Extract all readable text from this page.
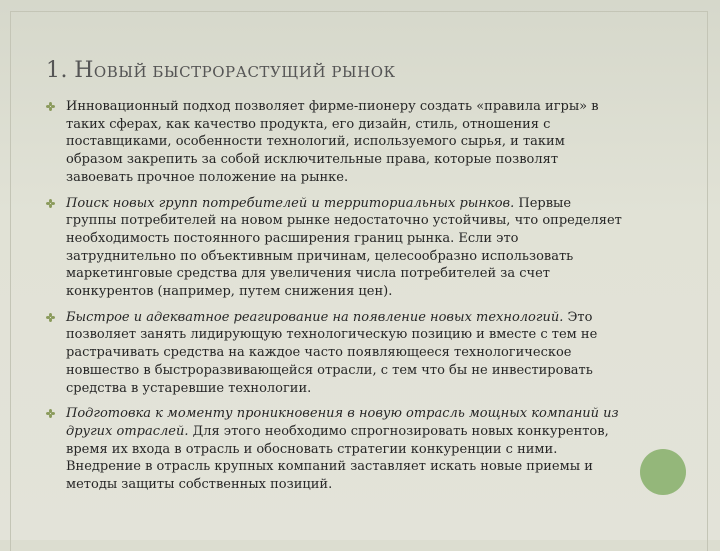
1. НОВЫЙ БЫСТРОРАСТУЩИЙ РЫНОК

Инновационный подход позволяет фирме-пионеру создать «правила игры» в
таких сферах, как качество продукта, его дизайн, стиль, отношения с
поставщиками, особенности технологий, используемого сырья, и таким
образом закрепить за собой исключительные права, которые позволят
завоевать прочное положение на рынке.

Поиск новых групп потребителей и территориальных рынков. Первые
группы потребителей на новом рынке недостаточно устойчивы, что определяет
необходимость постоянного расширения границ рынка. Если это
затруднительно по объективным причинам, целесообразно использовать
маркетинговые средства для увеличения числа потребителей за счет
конкурентов (например, путем снижения цен).

Быстрое и адекватное реагирование на появление новых технологий. Это
позволяет занять лидирующую технологическую позицию и вместе с тем не
растрачивать средства на каждое часто появляющееся технологическое
новшество в быстроразвивающейся отрасли, с тем что бы не инвестировать
средства в устаревшие технологии.

Подготовка к моменту проникновения в новую отрасль мощных компаний из
других отраслей. Для этого необходимо спрогнозировать новых конкурентов,
время их входа в отрасль и обосновать стратегии конкуренции с ними.
Внедрение в отрасль крупных компаний заставляет искать новые приемы и
методы защиты собственных позиций.
